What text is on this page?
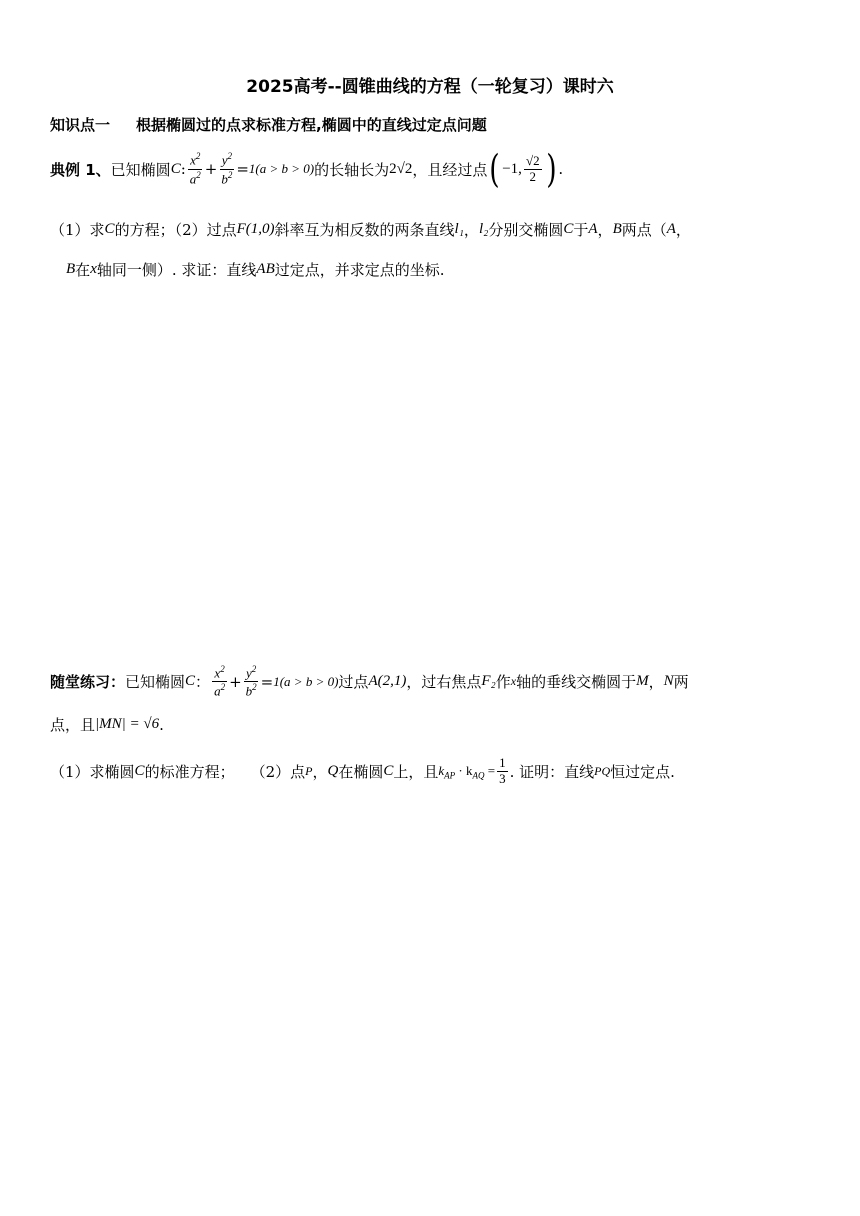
2025高考--圆锥曲线的方程（一轮复习）课时六
知识点一 根据椭圆过的点求标准方程,椭圆中的直线过定点问题
典例 1、 已知椭圆 C : $\frac{x^2}{a^2} + \frac{y^2}{b^2} = 1(a > b > 0)$ 的长轴长为 2√2 ，且经过点 ( −1, $\frac{√2}{2}$ ) .
（1）求 C 的方程；（2）过点 F(1,0) 斜率互为相反数的两条直线 l₁ ， l₂ 分别交椭圆 C 于 A ， B 两点（ A ，
B 在 x 轴同一侧）. 求证：直线 AB 过定点，并求定点的坐标.
随堂练习： 已知椭圆 C ： $\frac{x^2}{a^2} + \frac{y^2}{b^2} = 1(a > b > 0)$ 过点 A(2,1) ，过右焦点 F₂ 作 x 轴的垂线交椭圆于 M ， N 两
点，且 |MN| = √6 .
（1）求椭圆 C 的标准方程； （2）点 P ， Q 在椭圆 C 上，且 $k_{AP} \cdot k_{AQ} = \frac{1}{3}$ . 证明：直线 PQ 恒过定点.
